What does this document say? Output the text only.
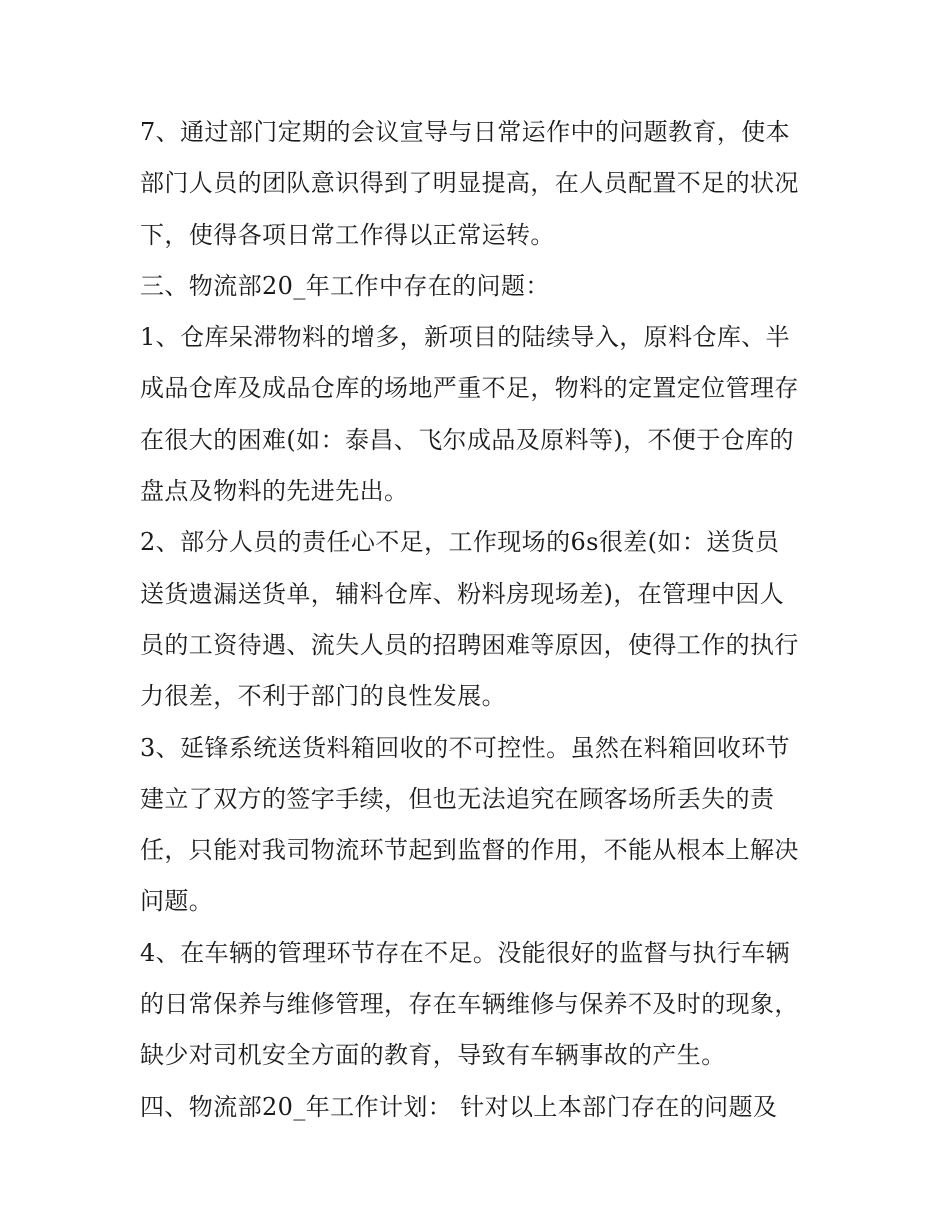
7、通过部门定期的会议宣导与日常运作中的问题教育，使本
部门人员的团队意识得到了明显提高，在人员配置不足的状况
下，使得各项日常工作得以正常运转。
三、物流部20_年工作中存在的问题：
1、仓库呆滞物料的增多，新项目的陆续导入，原料仓库、半
成品仓库及成品仓库的场地严重不足，物料的定置定位管理存
在很大的困难(如：泰昌、飞尔成品及原料等)，不便于仓库的
盘点及物料的先进先出。
2、部分人员的责任心不足，工作现场的6s很差(如：送货员
送货遗漏送货单，辅料仓库、粉料房现场差)，在管理中因人
员的工资待遇、流失人员的招聘困难等原因，使得工作的执行
力很差，不利于部门的良性发展。
3、延锋系统送货料箱回收的不可控性。虽然在料箱回收环节
建立了双方的签字手续，但也无法追究在顾客场所丢失的责
任，只能对我司物流环节起到监督的作用，不能从根本上解决
问题。
4、在车辆的管理环节存在不足。没能很好的监督与执行车辆
的日常保养与维修管理，存在车辆维修与保养不及时的现象，
缺少对司机安全方面的教育，导致有车辆事故的产生。
四、物流部20_年工作计划： 针对以上本部门存在的问题及
